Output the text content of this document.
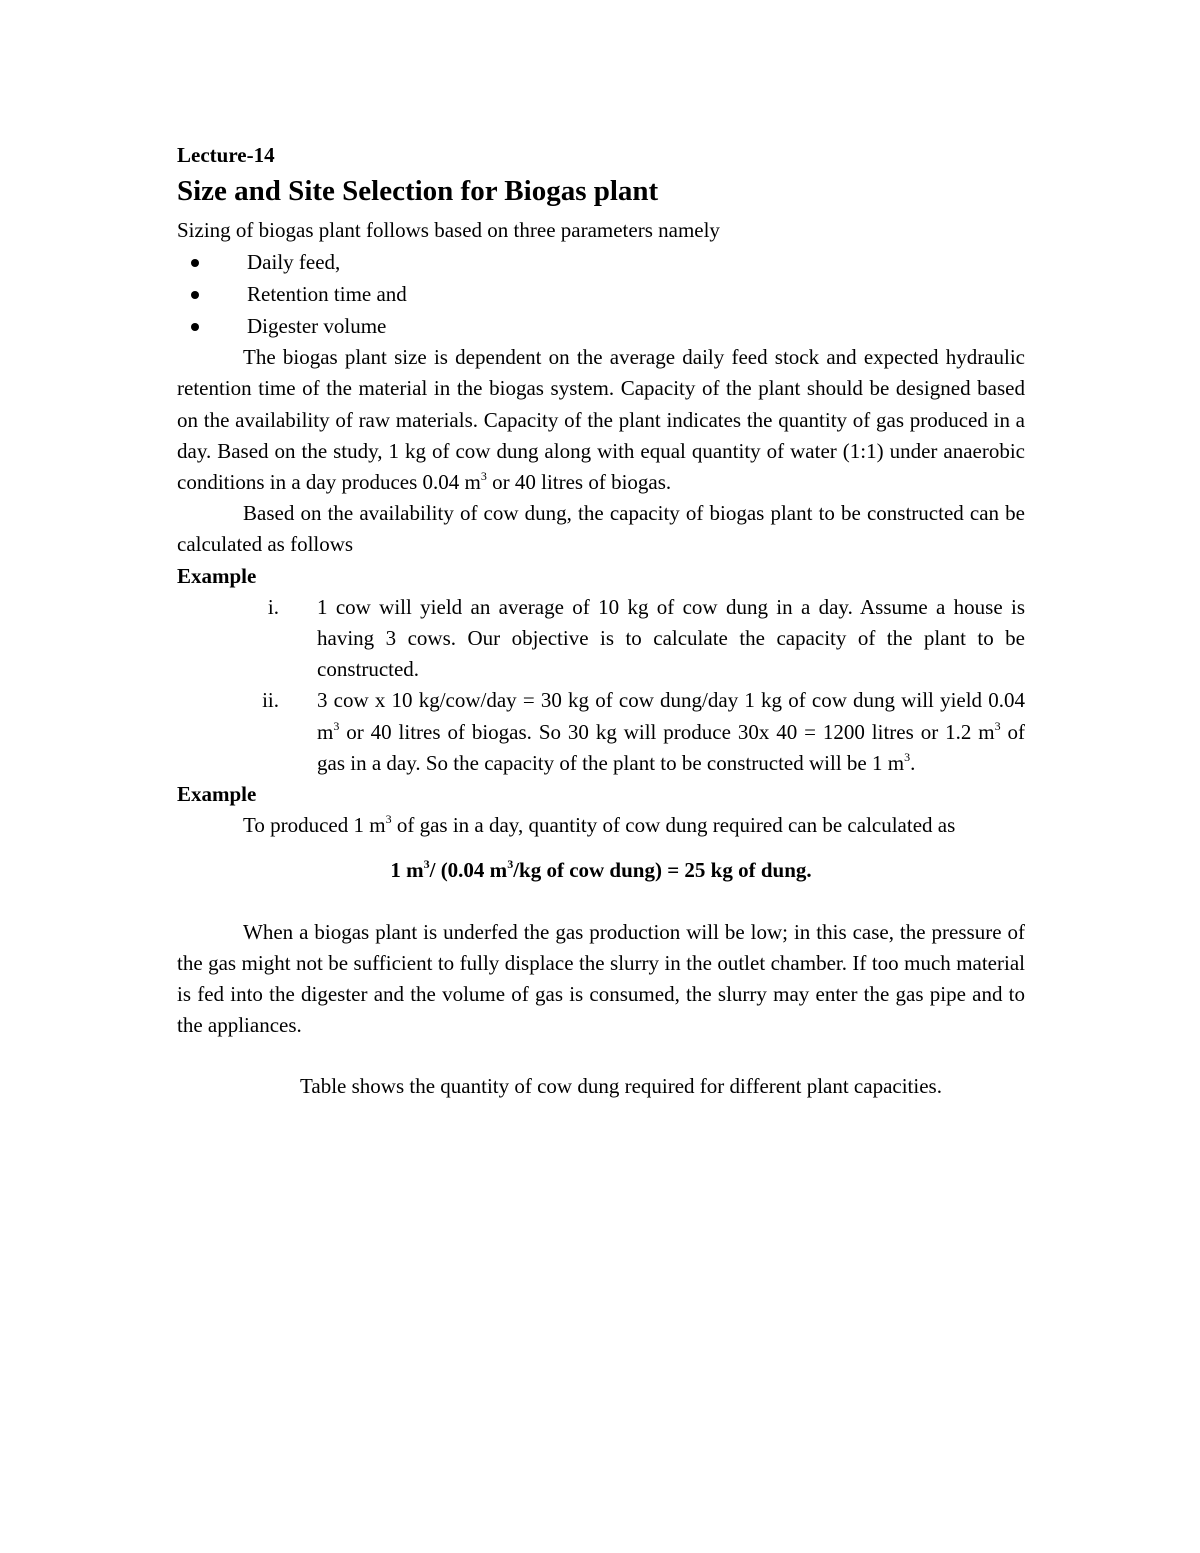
Lecture-14

Size and Site Selection for Biogas plant

Sizing of biogas plant follows based on three parameters namely

Daily feed,
Retention time and
Digester volume

The biogas plant size is dependent on the average daily feed stock and expected hydraulic retention time of the material in the biogas system. Capacity of the plant should be designed based on the availability of raw materials. Capacity of the plant indicates the quantity of gas produced in a day. Based on the study, 1 kg of cow dung along with equal quantity of water (1:1) under anaerobic conditions in a day produces 0.04 $m^3$ or 40 litres of biogas.

Based on the availability of cow dung, the capacity of biogas plant to be constructed can be calculated as follows

Example

i. 1 cow will yield an average of 10 kg of cow dung in a day. Assume a house is having 3 cows. Our objective is to calculate the capacity of the plant to be constructed.
ii. 3 cow x 10 kg/cow/day = 30 kg of cow dung/day 1 kg of cow dung will yield 0.04 $m^3$ or 40 litres of biogas. So 30 kg will produce 30x 40 = 1200 litres or 1.2 $m^3$ of gas in a day. So the capacity of the plant to be constructed will be 1 $m^3$.

Example

To produced 1 $m^3$ of gas in a day, quantity of cow dung required can be calculated as

1 $m^3/$ (0.04 $m^3/kg$ of cow dung) = 25 kg of dung.

When a biogas plant is underfed the gas production will be low; in this case, the pressure of the gas might not be sufficient to fully displace the slurry in the outlet chamber. If too much material is fed into the digester and the volume of gas is consumed, the slurry may enter the gas pipe and to the appliances.

Table shows the quantity of cow dung required for different plant capacities.
